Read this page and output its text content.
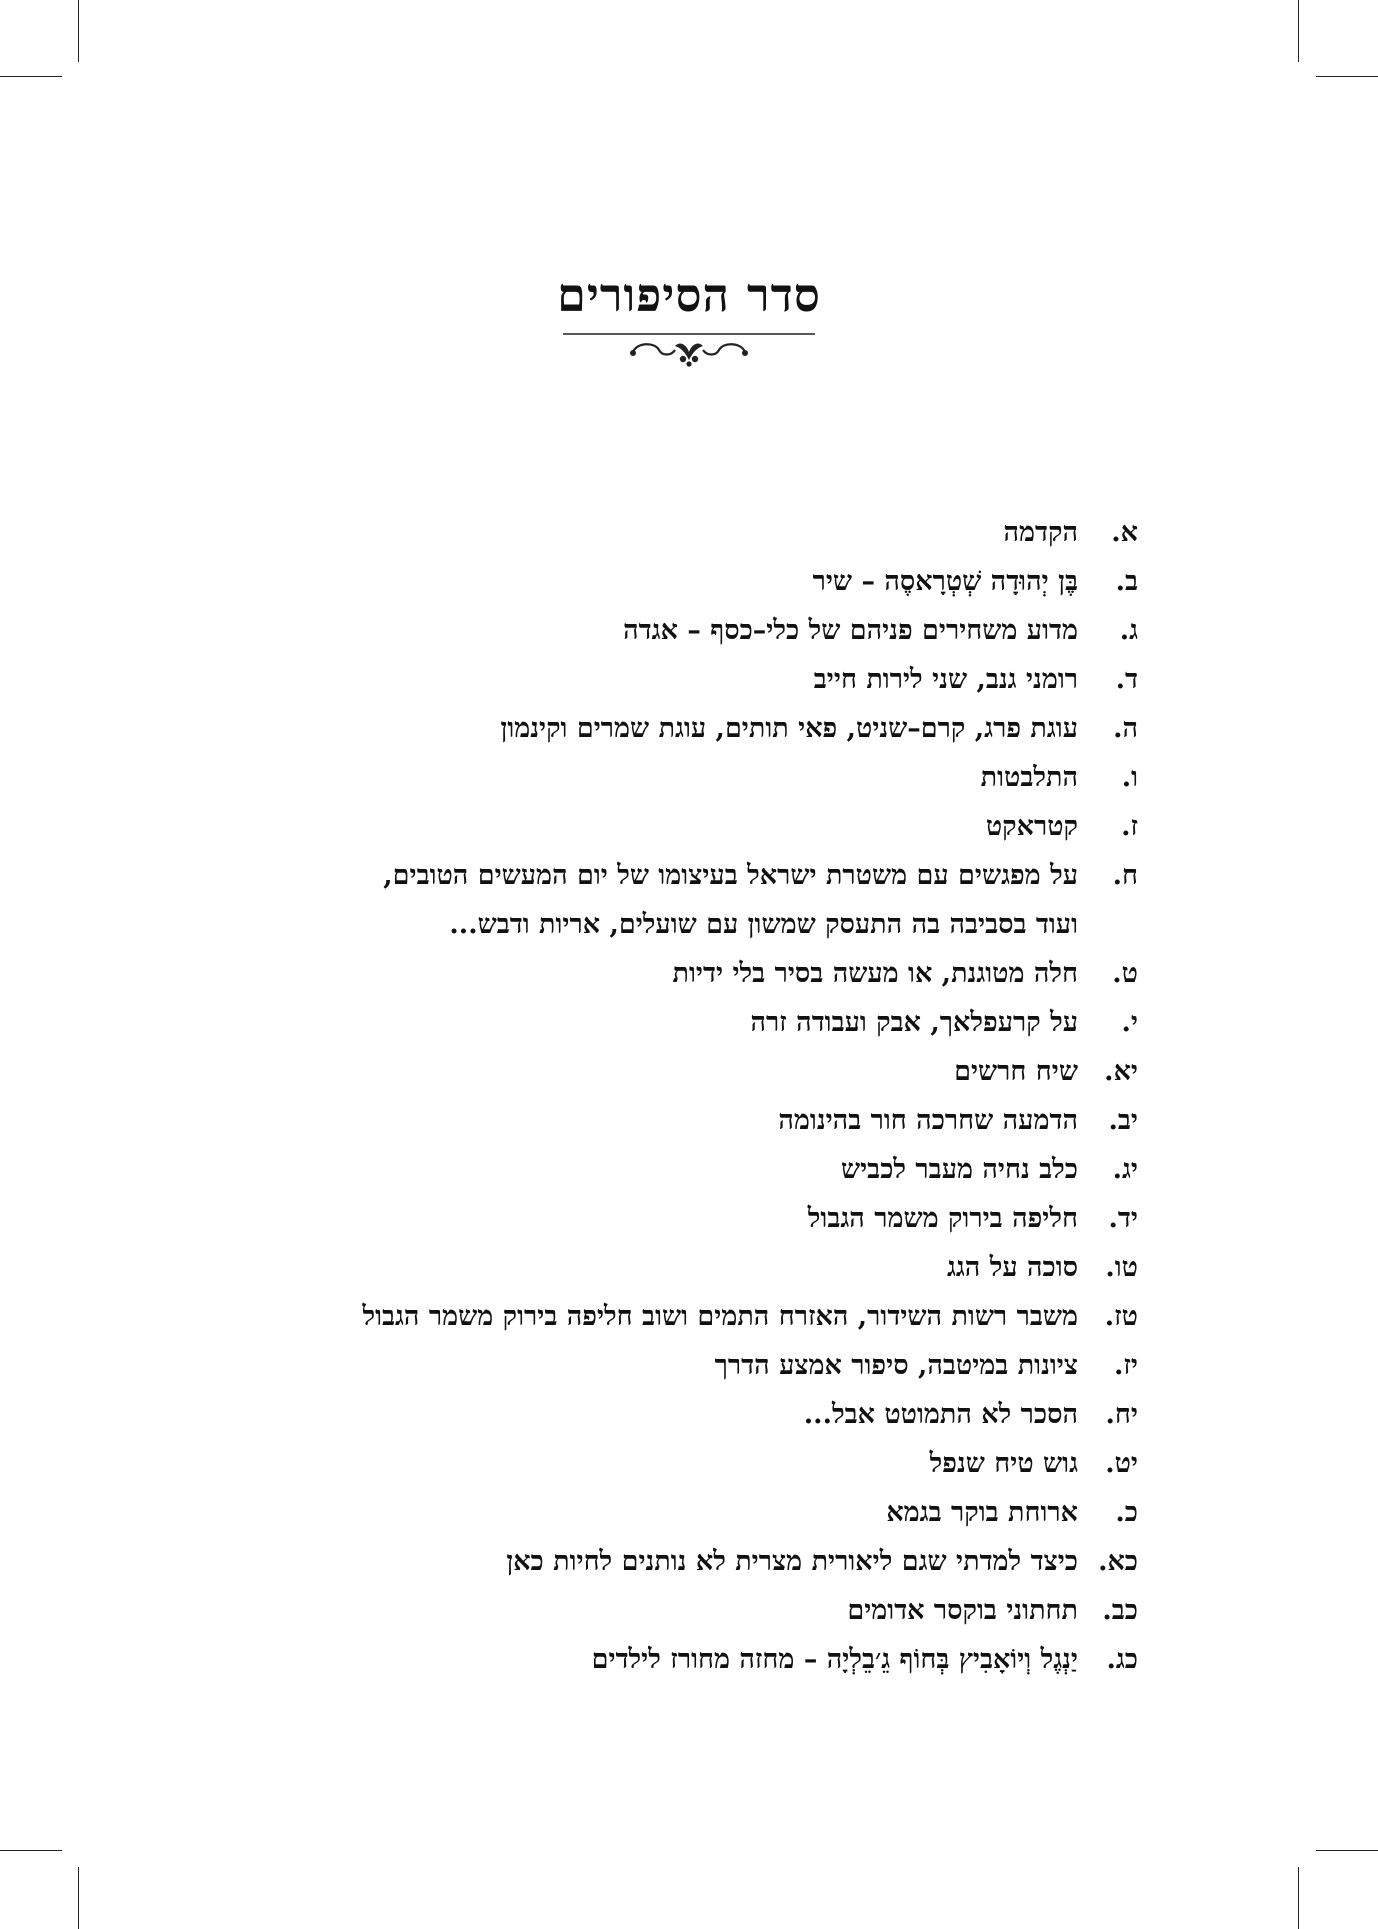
סדר הסיפורים
א.
הקדמה
ב.
בֶּן יְהוּדָה שְׁטְרָאסֶה – שיר
ג.
מדוע משחירים פניהם של כלי–כסף – אגדה
ד.
רומני גנב, שני לירות חייב
ה.
עוגת פרג, קרם–שניט, פאי תותים, עוגת שמרים וקינמון
ו.
התלבטות
ז.
קטראקט
ח.
על מפגשים עם משטרת ישראל בעיצומו של יום המעשים הטובים,
ועוד בסביבה בה התעסק שמשון עם שועלים, אריות ודבש...
ט.
חלה מטוגנת, או מעשה בסיר בלי ידיות
י.
על קרעפלאך, אבק ועבודה זרה
יא.
שיח חרשים
יב.
הדמעה שחרכה חור בהינומה
יג.
כלב נחיה מעבר לכביש
יד.
חליפה בירוק משמר הגבול
טו.
סוכה על הגג
טז.
משבר רשות השידור, האזרח התמים ושוב חליפה בירוק משמר הגבול
יז.
ציונות במיטבה, סיפור אמצע הדרך
יח.
הסכר לא התמוטט אבל...
יט.
גוש טיח שנפל
כ.
ארוחת בוקר בגמא
כא.
כיצד למדתי שגם ליאורית מצרית לא נותנים לחיות כאן
כב.
תחתוני בוקסר אדומים
כג.
יַנְגֶל וְיוֹאָבִיץ בְּחוֹף גֵ׳בֵלְיָה – מחזה מחורז לילדים
